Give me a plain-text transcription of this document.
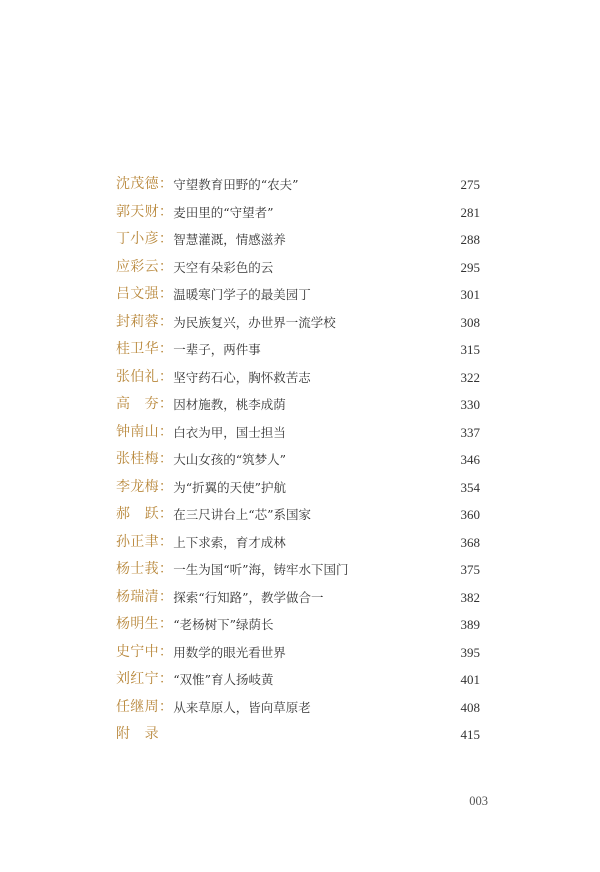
沈茂德： 守望教育田野的“农夫”	275
郭天财： 麦田里的“守望者”	281
丁小彦： 智慧灌溉，情感滋养	288
应彩云： 天空有朵彩色的云	295
吕文强： 温暖寒门学子的最美园丁	301
封莉蓉： 为民族复兴，办世界一流学校	308
桂卫华： 一辈子，两件事	315
张伯礼： 坚守药石心，胸怀救苦志	322
高　夯： 因材施教，桃李成荫	330
钟南山： 白衣为甲，国士担当	337
张桂梅： 大山女孩的“筑梦人”	346
李龙梅： 为“折翼的天使”护航	354
郝　跃： 在三尺讲台上“芯”系国家	360
孙正聿： 上下求索，育才成林	368
杨士莪： 一生为国“听”海，铸牢水下国门	375
杨瑞清： 探索“行知路”，教学做合一	382
杨明生： “老杨树下”绿荫长	389
史宁中： 用数学的眼光看世界	395
刘红宁： “双惟”育人扬岐黄	401
任继周： 从来草原人，皆向草原老	408
附　录	415
003
